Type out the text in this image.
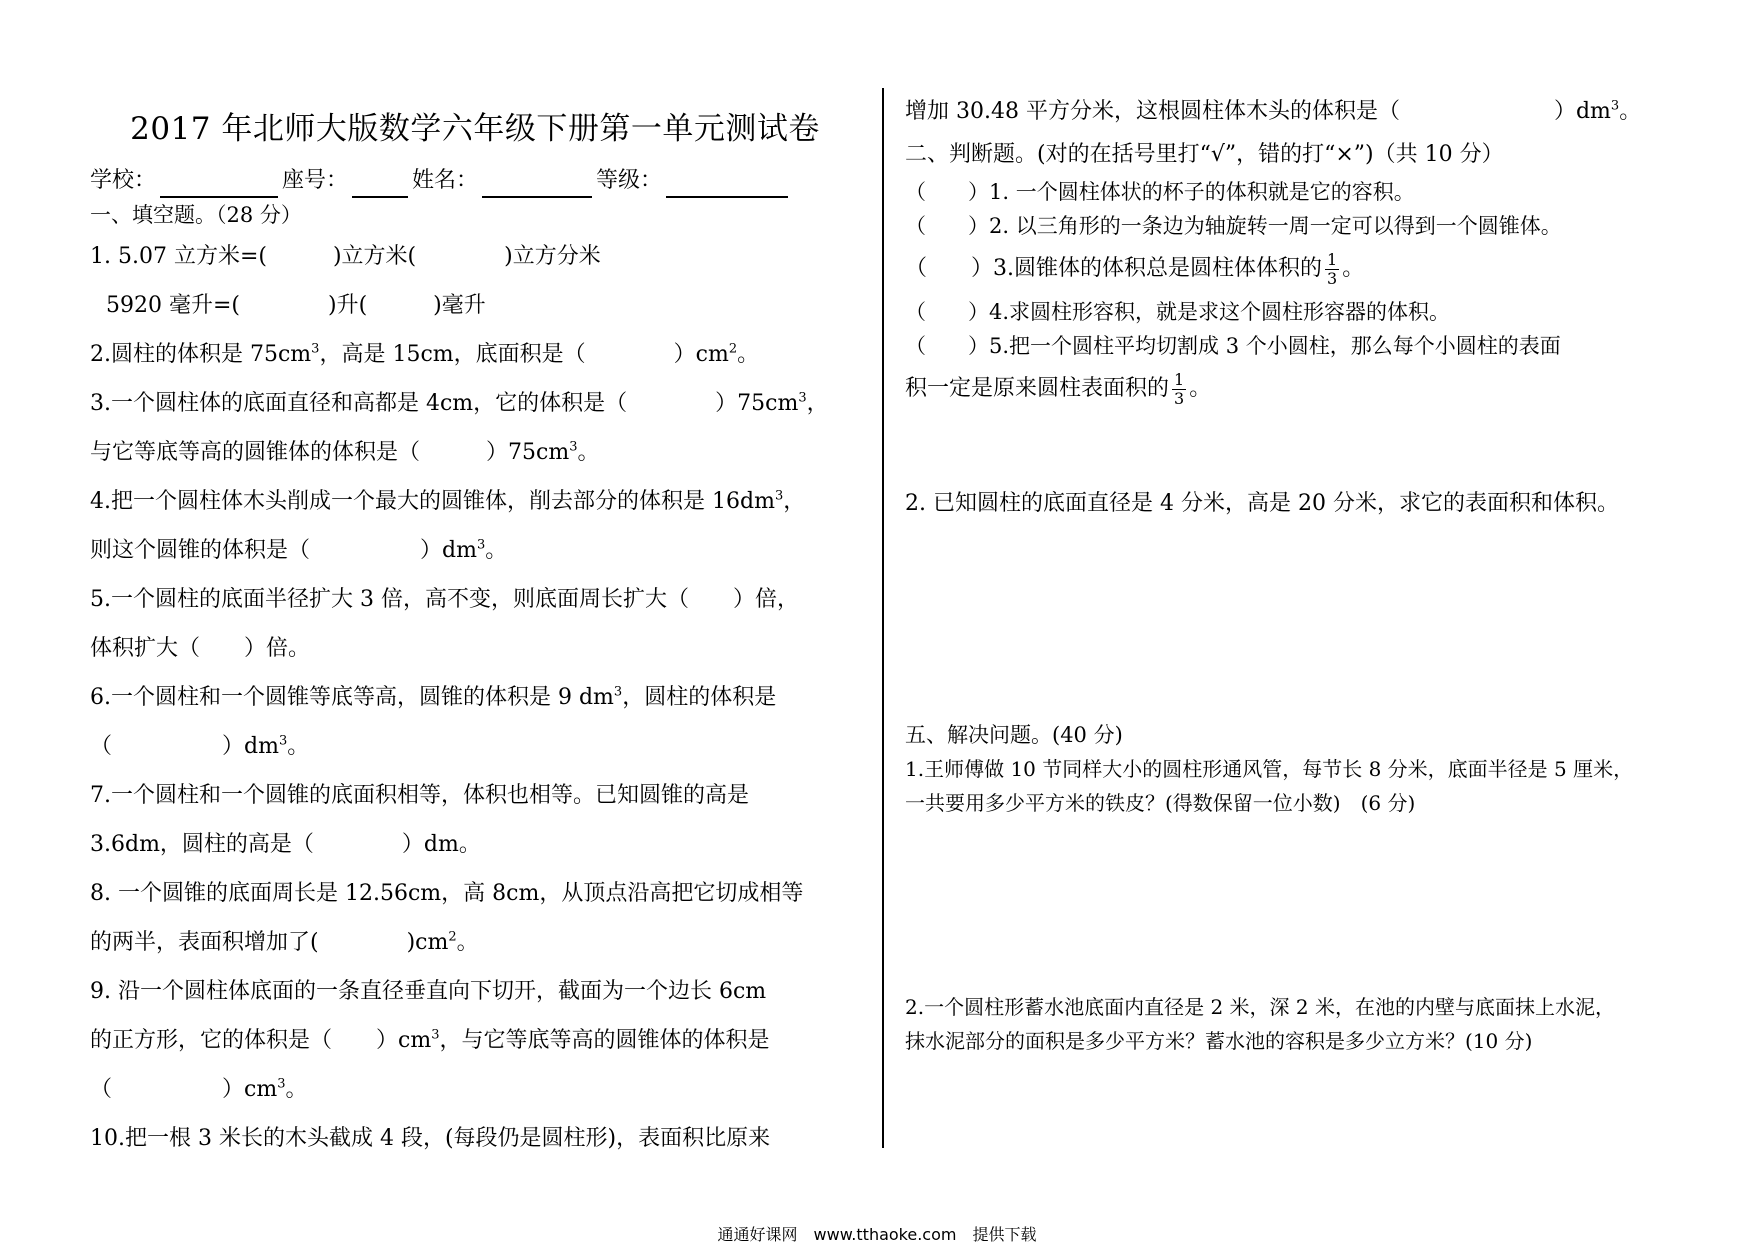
2017 年北师大版数学六年级下册第一单元测试卷
学校：	座号：	姓名：	等级：
一、填空题。（28 分）
1. 5.07 立方米=(　　　)立方米(　　　　)立方分米
5920 毫升=(　　　　)升(　　　)毫升
2.圆柱的体积是 $75cm^3$，高是 15cm，底面积是（　　　　）$cm^2$。
3.一个圆柱体的底面直径和高都是 4cm，它的体积是（　　　　）$75cm^3$，
与它等底等高的圆锥体的体积是（　　　）$75cm^3$。
4.把一个圆柱体木头削成一个最大的圆锥体，削去部分的体积是 $16dm^3$，
则这个圆锥的体积是（　　　　　）$dm^3$。
5.一个圆柱的底面半径扩大 3 倍，高不变，则底面周长扩大（　　）倍，
体积扩大（　　）倍。
6.一个圆柱和一个圆锥等底等高，圆锥的体积是 9 $dm^3$，圆柱的体积是
（　　　　　）$dm^3$。
7.一个圆柱和一个圆锥的底面积相等，体积也相等。已知圆锥的高是
3.6dm，圆柱的高是（　　　　）dm。
8. 一个圆锥的底面周长是 12.56cm，高 8cm，从顶点沿高把它切成相等
的两半，表面积增加了(　　　　)$cm^2$。
9. 沿一个圆柱体底面的一条直径垂直向下切开，截面为一个边长 6cm
的正方形，它的体积是（　　）$cm^3$，与它等底等高的圆锥体的体积是
（　　　　　）$cm^3$。
10.把一根 3 米长的木头截成 4 段，(每段仍是圆柱形)，表面积比原来
增加 30.48 平方分米，这根圆柱体木头的体积是（　　　　　　　）$dm^3$。
二、判断题。(对的在括号里打“√”，错的打“×”)（共 10 分）
（　　）1. 一个圆柱体状的杯子的体积就是它的容积。
（　　）2. 以三角形的一条边为轴旋转一周一定可以得到一个圆锥体。
（　　）3.圆锥体的体积总是圆柱体体积的 $\frac{1}{3}$ 。
（　　）4.求圆柱形容积，就是求这个圆柱形容器的体积。
（　　）5.把一个圆柱平均切割成 3 个小圆柱，那么每个小圆柱的表面
积一定是原来圆柱表面积的 $\frac{1}{3}$ 。
2. 已知圆柱的底面直径是 4 分米，高是 20 分米，求它的表面积和体积。
五、解决问题。(40 分)
1.王师傅做 10 节同样大小的圆柱形通风管，每节长 8 分米，底面半径是 5 厘米，
一共要用多少平方米的铁皮？(得数保留一位小数)　(6 分)
2.一个圆柱形蓄水池底面内直径是 2 米，深 2 米，在池的内壁与底面抹上水泥，
抹水泥部分的面积是多少平方米？蓄水池的容积是多少立方米？(10 分)
通通好课网　www.tthaoke.com　提供下载
